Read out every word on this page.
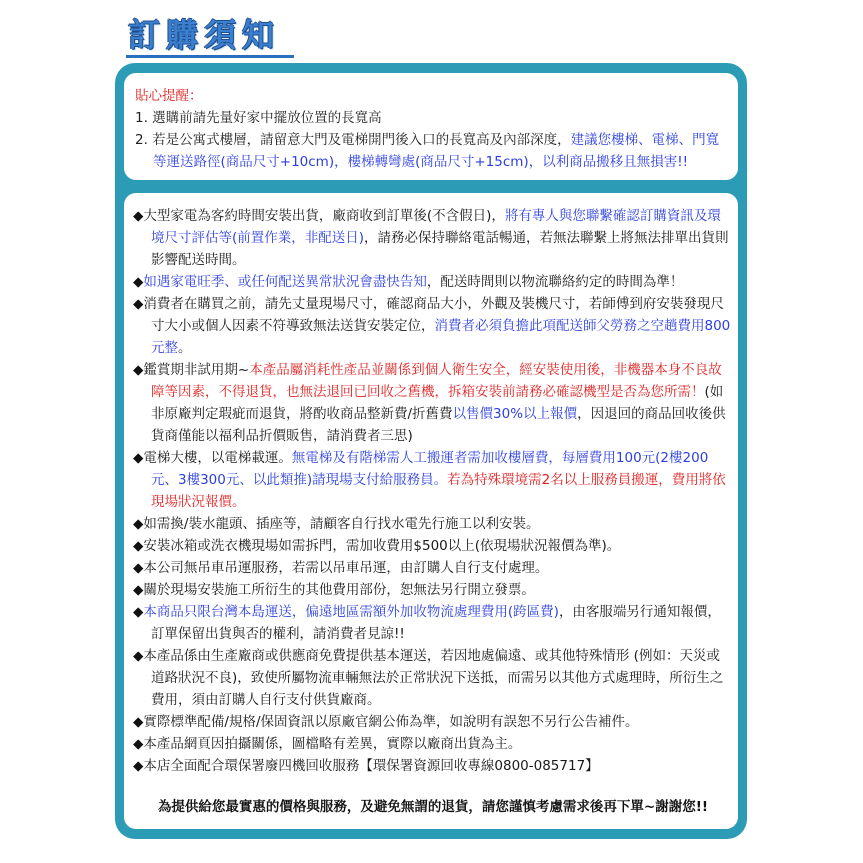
訂購須知
貼心提醒：
1. 選購前請先量好家中擺放位置的長寬高
2. 若是公寓式樓層，請留意大門及電梯開門後入口的長寬高及內部深度，建議您樓梯、電梯、門寬等運送路徑(商品尺寸+10cm)，樓梯轉彎處(商品尺寸+15cm)，以利商品搬移且無損害!!
◆大型家電為客約時間安裝出貨，廠商收到訂單後(不含假日)，將有專人與您聯繫確認訂購資訊及環境尺寸評估等(前置作業，非配送日)，請務必保持聯絡電話暢通，若無法聯繫上將無法排單出貨則影響配送時間。
◆如遇家電旺季、或任何配送異常狀況會盡快告知，配送時間則以物流聯絡約定的時間為準！
◆消費者在購買之前，請先丈量現場尺寸，確認商品大小，外觀及裝機尺寸，若師傅到府安裝發現尺寸大小或個人因素不符導致無法送貨安裝定位，消費者必須負擔此項配送師父勞務之空趟費用800元整。
◆鑑賞期非試用期~本產品屬消耗性產品並關係到個人衛生安全，經安裝使用後，非機器本身不良故障等因素，不得退貨，也無法退回已回收之舊機，拆箱安裝前請務必確認機型是否為您所需！(如非原廠判定瑕疵而退貨，將酌收商品整新費/折舊費以售價30%以上報價，因退回的商品回收後供貨商僅能以福利品折價販售，請消費者三思)
◆電梯大樓，以電梯載運。無電梯及有階梯需人工搬運者需加收樓層費，每層費用100元(2樓200元、3樓300元、以此類推)請現場支付給服務員。若為特殊環境需2名以上服務員搬運，費用將依現場狀況報價。
◆如需換/裝水龍頭、插座等，請顧客自行找水電先行施工以利安裝。
◆安裝冰箱或洗衣機現場如需拆門，需加收費用$500以上(依現場狀況報價為準)。
◆本公司無吊車吊運服務，若需以吊車吊運，由訂購人自行支付處理。
◆關於現場安裝施工所衍生的其他費用部份，恕無法另行開立發票。
◆本商品只限台灣本島運送，偏遠地區需額外加收物流處理費用(跨區費)，由客服端另行通知報價，訂單保留出貨與否的權利，請消費者見諒!!
◆本產品係由生產廠商或供應商免費提供基本運送，若因地處偏遠、或其他特殊情形 (例如：天災或道路狀況不良)，致使所屬物流車輛無法於正常狀況下送抵，而需另以其他方式處理時，所衍生之費用，須由訂購人自行支付供貨廠商。
◆實際標準配備/規格/保固資訊以原廠官網公佈為準，如說明有誤恕不另行公告補件。
◆本產品網頁因拍攝關係，圖檔略有差異，實際以廠商出貨為主。
◆本店全面配合環保署廢四機回收服務【環保署資源回收專線0800-085717】
為提供給您最實惠的價格與服務，及避免無謂的退貨，請您謹慎考慮需求後再下單~謝謝您!!
